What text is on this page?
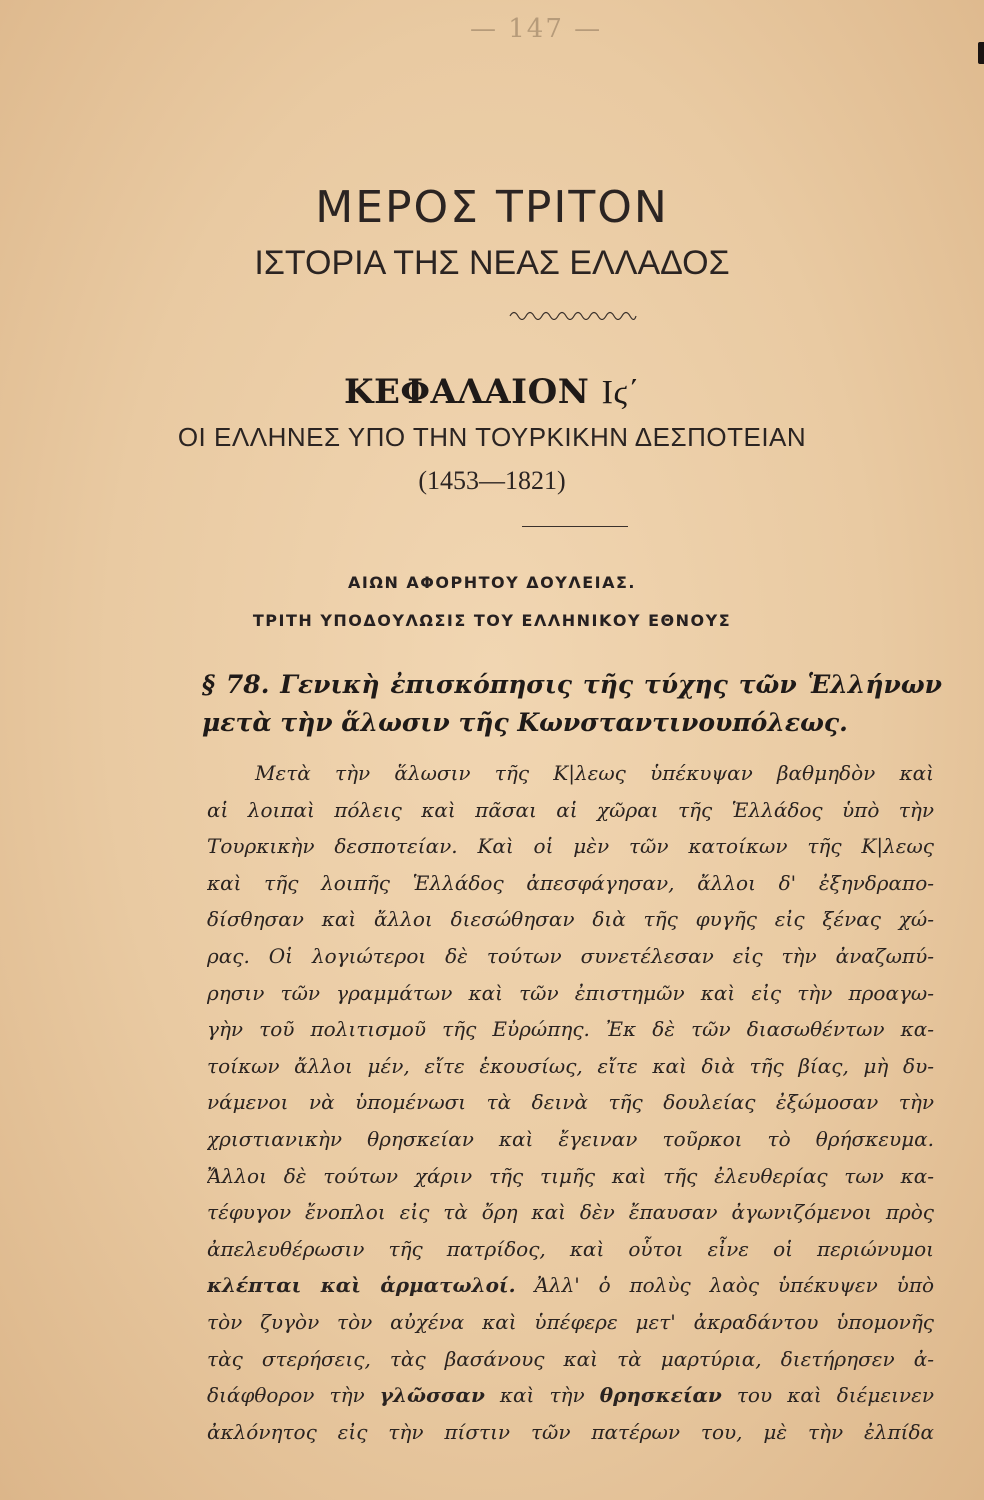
— 147 —
ΜΕΡΟΣ ΤΡΙΤΟΝ
ΙΣΤΟΡΙΑ ΤΗΣ ΝΕΑΣ ΕΛΛΑΔΟΣ
ΚΕΦΑΛΑΙΟΝ Ιϛ΄
ΟΙ ΕΛΛΗΝΕΣ ΥΠΟ ΤΗΝ ΤΟΥΡΚΙΚΗΝ ΔΕΣΠΟΤΕΙΑΝ
(1453—1821)
ΑΙΩΝ ΑΦΟΡΗΤΟΥ ΔΟΥΛΕΙΑΣ.
ΤΡΙΤΗ ΥΠΟΔΟΥΛΩΣΙΣ ΤΟΥ ΕΛΛΗΝΙΚΟΥ ΕΘΝΟΥΣ
§ 78. Γενικὴ ἐπισκόπησις τῆς τύχης τῶν Ἑλλήνων
μετὰ τὴν ἅλωσιν τῆς Κωνσταντινουπόλεως.
Μετὰ τὴν ἅλωσιν τῆς Κ|λεως ὑπέκυψαν βαθμηδὸν καὶ
αἱ λοιπαὶ πόλεις καὶ πᾶσαι αἱ χῶραι τῆς Ἑλλάδος ὑπὸ τὴν
Τουρκικὴν δεσποτείαν. Καὶ οἱ μὲν τῶν κατοίκων τῆς Κ|λεως
καὶ τῆς λοιπῆς Ἑλλάδος ἀπεσφάγησαν, ἄλλοι δ' ἐξηνδραπο-
δίσθησαν καὶ ἄλλοι διεσώθησαν διὰ τῆς φυγῆς εἰς ξένας χώ-
ρας. Οἱ λογιώτεροι δὲ τούτων συνετέλεσαν εἰς τὴν ἀναζωπύ-
ρησιν τῶν γραμμάτων καὶ τῶν ἐπιστημῶν καὶ εἰς τὴν προαγω-
γὴν τοῦ πολιτισμοῦ τῆς Εὐρώπης. Ἐκ δὲ τῶν διασωθέντων κα-
τοίκων ἄλλοι μέν, εἴτε ἑκουσίως, εἴτε καὶ διὰ τῆς βίας, μὴ δυ-
νάμενοι νὰ ὑπομένωσι τὰ δεινὰ τῆς δουλείας ἐξώμοσαν τὴν
χριστιανικὴν θρησκείαν καὶ ἔγειναν τοῦρκοι τὸ θρήσκευμα.
Ἄλλοι δὲ τούτων χάριν τῆς τιμῆς καὶ τῆς ἐλευθερίας των κα-
τέφυγον ἔνοπλοι εἰς τὰ ὄρη καὶ δὲν ἔπαυσαν ἀγωνιζόμενοι πρὸς
ἀπελευθέρωσιν τῆς πατρίδος, καὶ οὗτοι εἶνε οἱ περιώνυμοι
κλέπται καὶ ἁρματωλοί. Ἀλλ' ὁ πολὺς λαὸς ὑπέκυψεν ὑπὸ
τὸν ζυγὸν τὸν αὐχένα καὶ ὑπέφερε μετ' ἀκραδάντου ὑπομονῆς
τὰς στερήσεις, τὰς βασάνους καὶ τὰ μαρτύρια, διετήρησεν ἀ-
διάφθορον τὴν γλῶσσαν καὶ τὴν θρησκείαν του καὶ διέμεινεν
ἀκλόνητος εἰς τὴν πίστιν τῶν πατέρων του, μὲ τὴν ἐλπίδα
